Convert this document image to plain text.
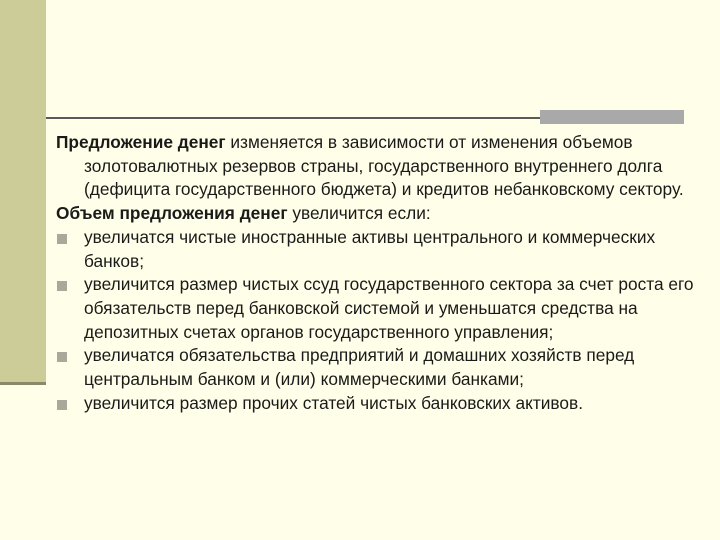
Предложение денег изменяется в зависимости от изменения объемов золотовалютных резервов страны, государственного внутреннего долга (дефицита государственного бюджета) и кредитов небанковскому сектору.

Объем предложения денег увеличится если:

увеличатся чистые иностранные активы центрального и коммерческих банков;

увеличится размер чистых ссуд государственного сектора за счет роста его обязательств перед банковской системой и уменьшатся средства на депозитных счетах органов государственного управления;

увеличатся обязательства предприятий и домашних хозяйств перед центральным банком и (или) коммерческими банками;

увеличится размер прочих статей чистых банковских активов.
